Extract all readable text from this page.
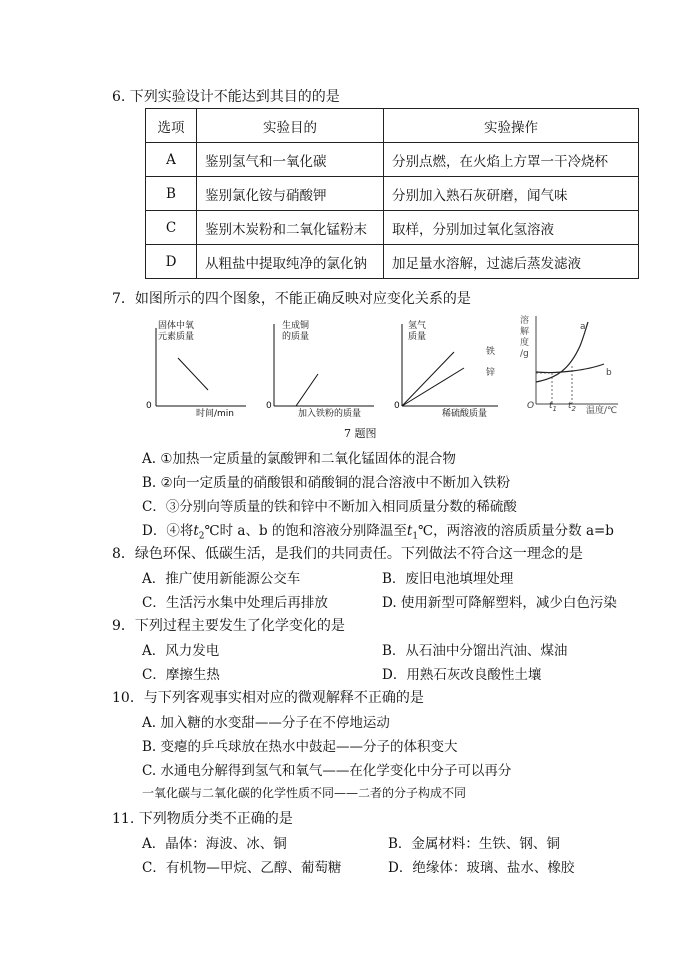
6. 下列实验设计不能达到其目的的是
选项	实验目的	实验操作
A	鉴别氢气和一氧化碳	分别点燃，在火焰上方罩一干冷烧杯
B	鉴别氯化铵与硝酸钾	分别加入熟石灰研磨，闻气味
C	鉴别木炭粉和二氧化锰粉末	取样，分别加过氧化氢溶液
D	从粗盐中提取纯净的氯化钠	加足量水溶解，过滤后蒸发滤液
7．如图所示的四个图象，不能正确反映对应变化关系的是
固体中氧
元素质量
0
时间/min
生成铜
的质量
0
加入铁粉的质量
氢气
质量
铁
锌
0
稀硫酸质量
溶
解
度
/g
a
b
O $t_1$ $t_2$ 温度/℃
7 题图
A. ①加热一定质量的氯酸钾和二氧化锰固体的混合物
B. ②向一定质量的硝酸银和硝酸铜的混合溶液中不断加入铁粉
C．③分别向等质量的铁和锌中不断加入相同质量分数的稀硫酸
D．④将$t_2℃$时 a、b 的饱和溶液分别降温至$t_1℃$，两溶液的溶质质量分数 a=b
8．绿色环保、低碳生活，是我们的共同责任。下列做法不符合这一理念的是
A．推广使用新能源公交车	B．废旧电池填埋处理
C．生活污水集中处理后再排放	D. 使用新型可降解塑料，减少白色污染
9．下列过程主要发生了化学变化的是
A．风力发电	B．从石油中分馏出汽油、煤油
C．摩擦生热	D．用熟石灰改良酸性土壤
10．与下列客观事实相对应的微观解释不正确的是
A. 加入糖的水变甜——分子在不停地运动
B. 变瘪的乒乓球放在热水中鼓起——分子的体积变大
C. 水通电分解得到氢气和氧气——在化学变化中分子可以再分
一氧化碳与二氧化碳的化学性质不同——二者的分子构成不同
11. 下列物质分类不正确的是
A．晶体：海波、冰、铜	B．金属材料：生铁、钢、铜
C．有机物—甲烷、乙醇、葡萄糖	D．绝缘体：玻璃、盐水、橡胶
